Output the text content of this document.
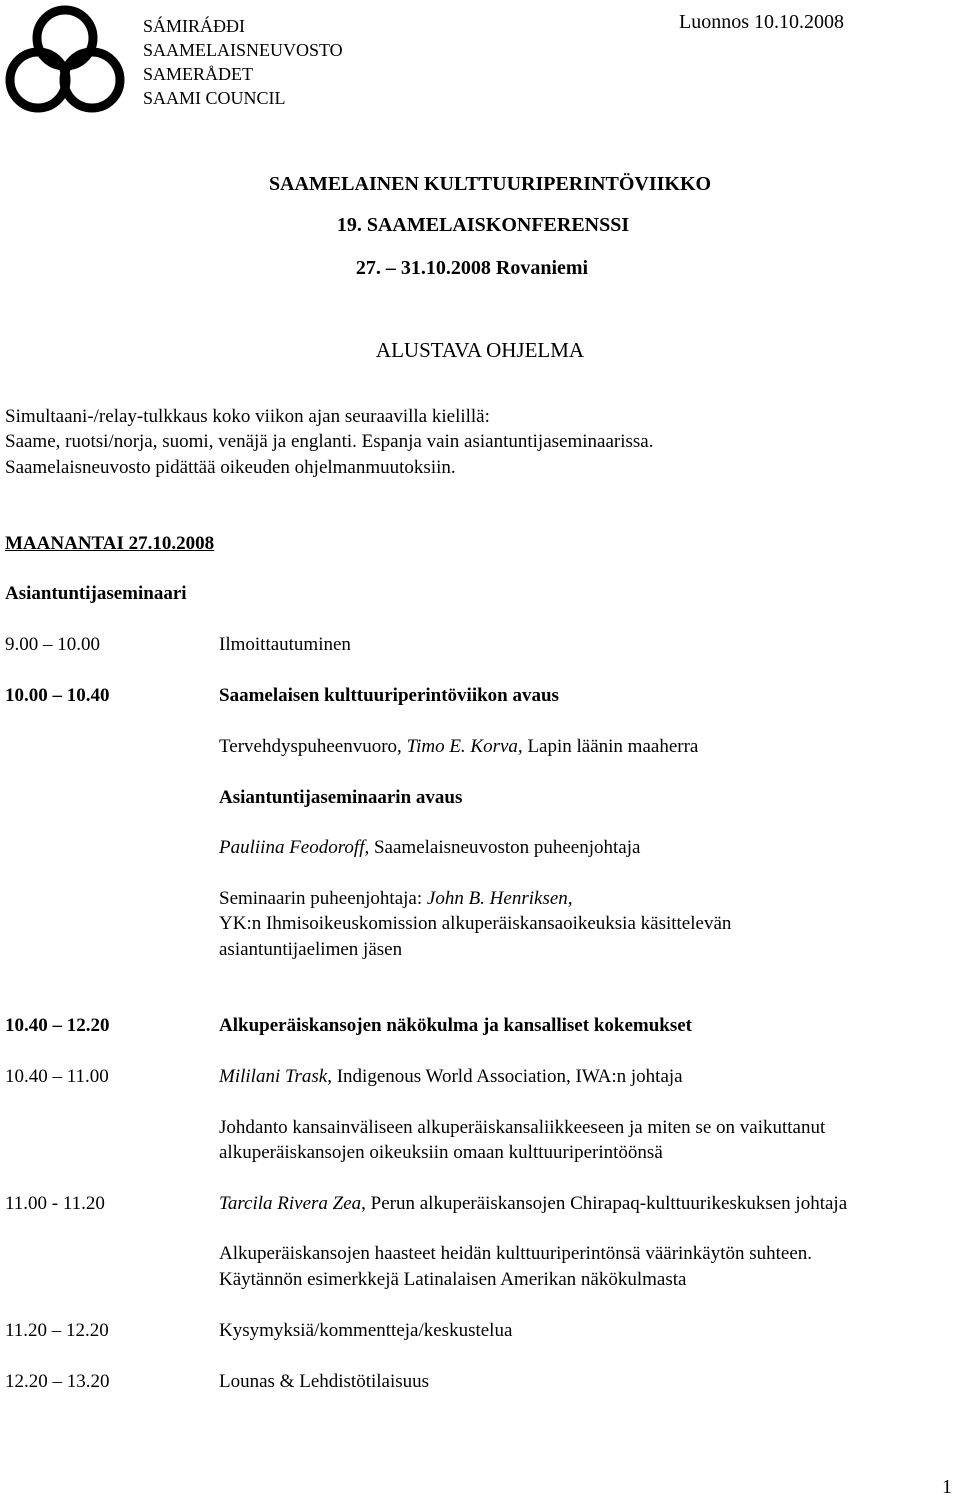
SÁMIRÁÐÐI
SAAMELAISNEUVOSTO
SAMERÅDET
SAAMI COUNCIL
Luonnos 10.10.2008
SAAMELAINEN KULTTUURIPERINTÖVIIKKO
19. SAAMELAISKONFERENSSI
27. – 31.10.2008 Rovaniemi
ALUSTAVA OHJELMA
Simultaani-/relay-tulkkaus koko viikon ajan seuraavilla kielillä:
Saame, ruotsi/norja, suomi, venäjä ja englanti. Espanja vain asiantuntijaseminaarissa.
Saamelaisneuvosto pidättää oikeuden ohjelmanmuutoksiin.
MAANANTAI 27.10.2008
Asiantuntijaseminaari
9.00 – 10.00	Ilmoittautuminen
10.00 – 10.40	Saamelaisen kulttuuriperintöviikon avaus
Tervehdyspuheenvuoro, Timo E. Korva, Lapin läänin maaherra
Asiantuntijaseminaarin avaus
Pauliina Feodoroff, Saamelaisneuvoston puheenjohtaja
Seminaarin puheenjohtaja: John B. Henriksen,
YK:n Ihmisoikeuskomission alkuperäiskansaoikeuksia käsittelevän
asiantuntijaelimen jäsen
10.40 – 12.20	Alkuperäiskansojen näkökulma ja kansalliset kokemukset
10.40 – 11.00	Mililani Trask, Indigenous World Association, IWA:n johtaja
Johdanto kansainväliseen alkuperäiskansaliikkeeseen ja miten se on vaikuttanut
alkuperäiskansojen oikeuksiin omaan kulttuuriperintöönsä
11.00 - 11.20	Tarcila Rivera Zea, Perun alkuperäiskansojen Chirapaq-kulttuurikeskuksen johtaja
Alkuperäiskansojen haasteet heidän kulttuuriperintönsä väärinkäytön suhteen.
Käytännön esimerkkejä Latinalaisen Amerikan näkökulmasta
11.20 – 12.20	Kysymyksiä/kommentteja/keskustelua
12.20 – 13.20	Lounas & Lehdistötilaisuus
1
